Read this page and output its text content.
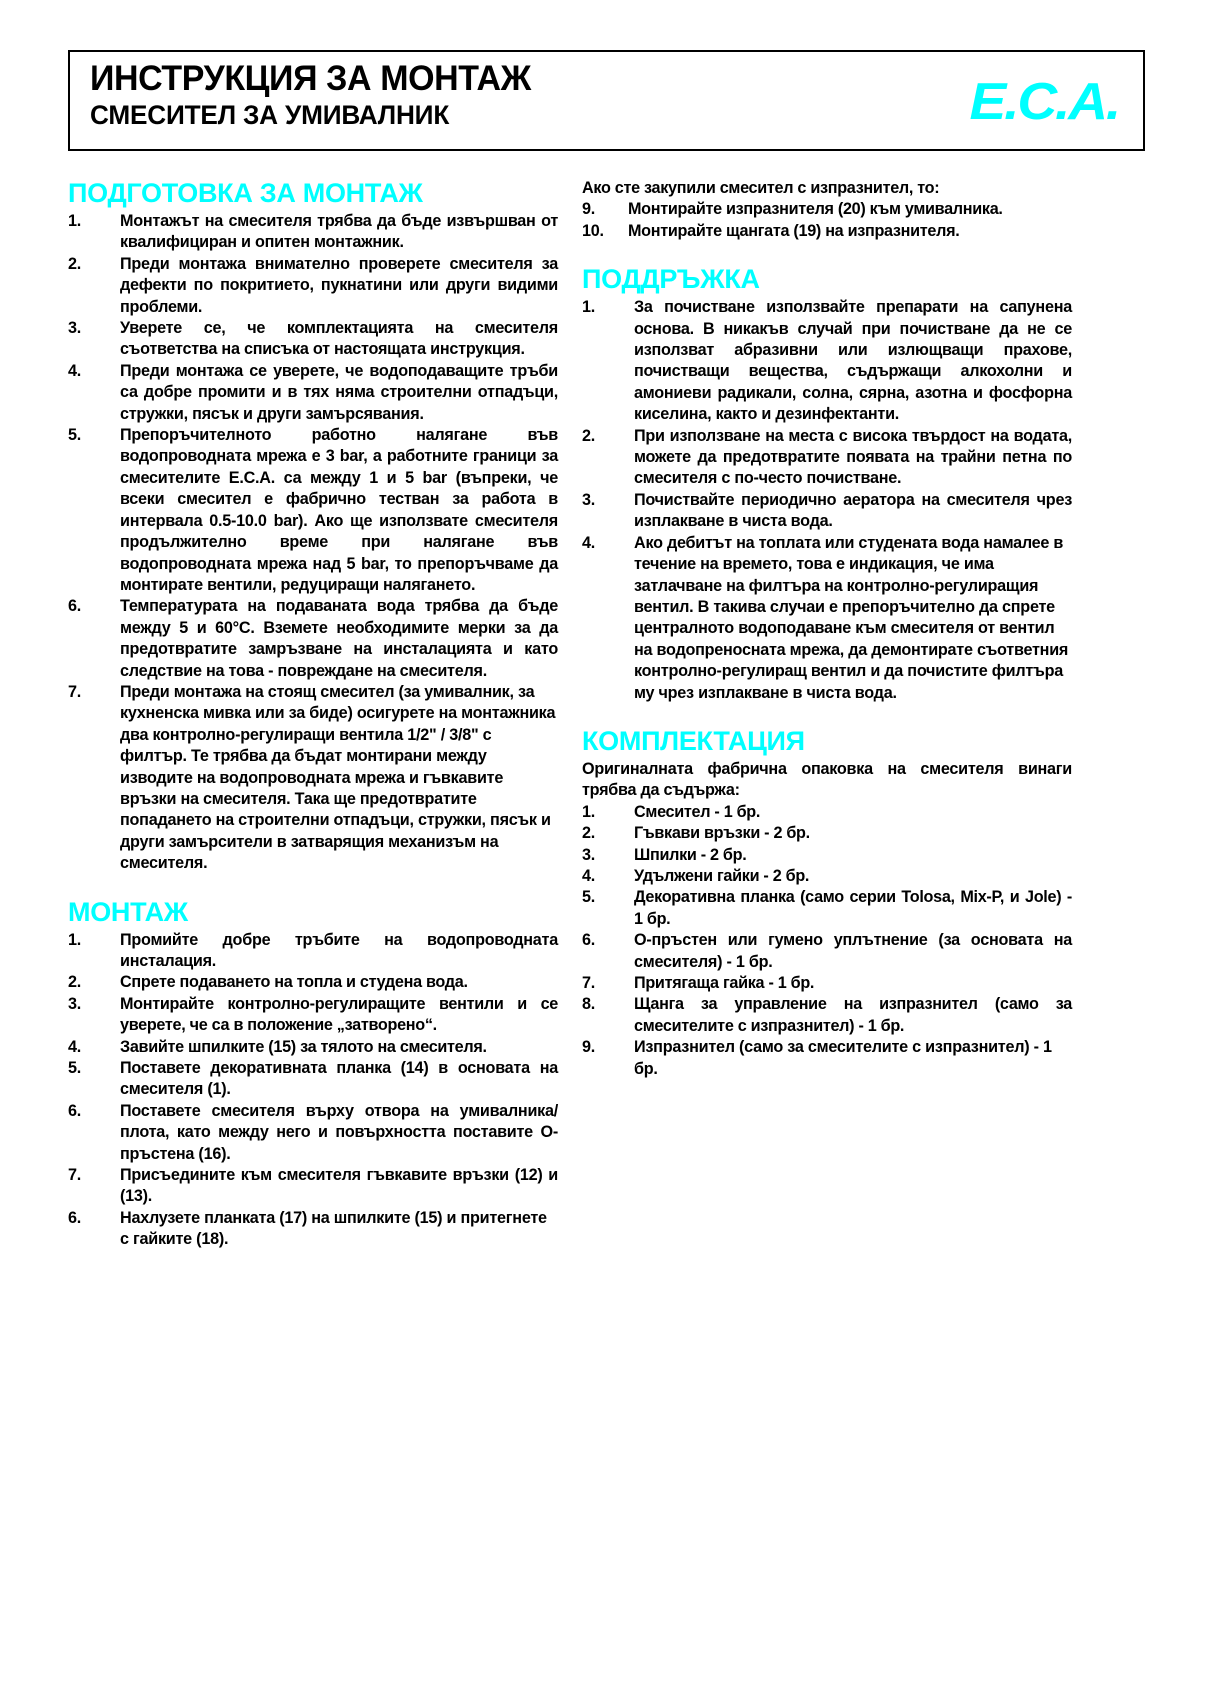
ИНСТРУКЦИЯ ЗА МОНТАЖ
СМЕСИТЕЛ ЗА УМИВАЛНИК	E.C.A.
ПОДГОТОВКА ЗА МОНТАЖ
1.	Монтажът на смесителя трябва да бъде извършван от квалифициран и опитен монтажник.
2.	Преди монтажа внимателно проверете смесителя за дефекти по покритието, пукнатини или други видими проблеми.
3.	Уверете се, че комплектацията на смесителя съответства на списъка от настоящата инструкция.
4.	Преди монтажа се уверете, че водоподаващите тръби са добре промити и в тях няма строителни отпадъци, стружки, пясък и други замърсявания.
5.	Препоръчителното работно налягане във водопроводната мрежа е 3 bar, а работните граници за смесителите E.C.A. са между 1 и 5 bar (въпреки, че всеки смесител е фабрично тестван за работа в интервала 0.5-10.0 bar). Ако ще използвате смесителя продължително време при налягане във водопроводната мрежа над 5 bar, то препоръчваме да монтирате вентили, редуциращи налягането.
6.	Температурата на подаваната вода трябва да бъде между 5 и 60°C. Вземете необходимите мерки за да предотвратите замръзване на инсталацията и като следствие на това - повреждане на смесителя.
7.	Преди монтажа на стоящ смесител (за умивалник, за кухненска мивка или за биде) осигурете на монтажника два контролно-регулиращи вентила 1/2" / 3/8" с филтър. Те трябва да бъдат монтирани между изводите на водопроводната мрежа и гъвкавите връзки на смесителя. Така ще предотвратите попадането на строителни отпадъци, стружки, пясък и други замърсители в затварящия механизъм на смесителя.
МОНТАЖ
1.	Промийте добре тръбите на водопроводната инсталация.
2.	Спрете подаването на топла и студена вода.
3.	Монтирайте контролно-регулиращите вентили и се уверете, че са в положение „затворено“.
4.	Завийте шпилките (15) за тялото на смесителя.
5.	Поставете декоративната планка (14) в основата на смесителя (1).
6.	Поставете смесителя върху отвора на умивалника/плота, като между него и повърхността поставите О-пръстена (16).
7.	Присъедините към смесителя гъвкавите връзки (12) и (13).
6.	Нахлузете планката (17) на шпилките (15) и притегнете с гайките (18).

Ако сте закупили смесител с изпразнител, то:

9.	Монтирайте изпразнителя (20) към умивалника.
10.	Монтирайте щангата (19) на изпразнителя.
ПОДДРЪЖКА
1.	За почистване използвайте препарати на сапунена основа. В никакъв случай при почистване да не се използват абразивни или излющващи прахове, почистващи вещества, съдържащи алкохолни и амониеви радикали, солна, сярна, азотна и фосфорна киселина, както и дезинфектанти.
2.	При използване на места с висока твърдост на водата, можете да предотвратите появата на трайни петна по смесителя с по-често почистване.
3.	Почиствайте периодично аератора на смесителя чрез изплакване в чиста вода.
4.	Ако дебитът на топлата или студената вода намалее в течение на времето, това е индикация, че има затлачване на филтъра на контролно-регулиращия вентил. В такива случаи е препоръчително да спрете централното водоподаване към смесителя от вентил на водопреносната мрежа, да демонтирате съответния контролно-регулиращ вентил и да почистите филтъра му чрез изплакване в чиста вода.
КОМПЛЕКТАЦИЯ

Оригиналната фабрична опаковка на смесителя винаги трябва да съдържа:

1.	Смесител - 1 бр.
2.	Гъвкави връзки - 2 бр.
3.	Шпилки - 2 бр.
4.	Удължени гайки - 2 бр.
5.	Декоративна планка (само серии Tolosa, Mix-P, и Jole) - 1 бр.
6.	О-пръстен или гумено уплътнение (за основата на смесителя) - 1 бр.
7.	Притягаща гайка - 1 бр.
8.	Щанга за управление на изпразнител (само за смесителите с изпразнител) - 1 бр.
9.	Изпразнител (само за смесителите с изпразнител) - 1 бр.
